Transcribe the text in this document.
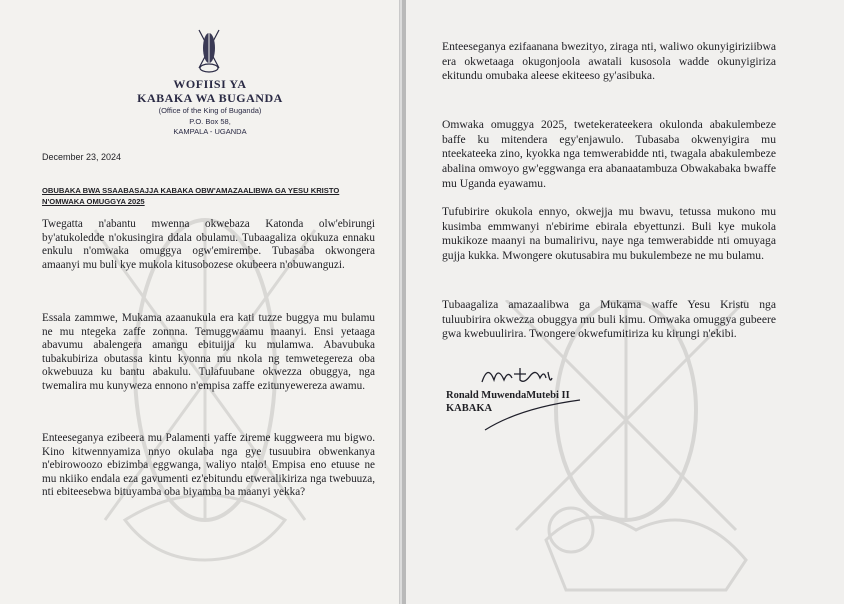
WOFIISI YA
KABAKA WA BUGANDA
(Office of the King of Buganda)
P.O. Box 58,
KAMPALA - UGANDA
December 23, 2024
OBUBAKA BWA SSAABASAJJA KABAKA OBW'AMAZAALIBWA GA YESU KRISTO
N'OMWAKA OMUGGYA 2025

Twegatta n'abantu mwenna okwebaza Katonda olw'ebirungi by'atukoledde n'okusingira ddala obulamu. Tubaagaliza okukuza ennaku enkulu n'omwaka omuggya ogw'emirembe. Tubasaba okwongera amaanyi mu buli kye mukola kitusobozese okubeera n'obuwanguzi.

Essala zammwe, Mukama azaanukula era kati tuzze buggya mu bulamu ne mu ntegeka zaffe zonnna. Temuggwaamu maanyi. Ensi yetaaga abavumu abalengera amangu ebituijja ku mulamwa. Abavubuka tubakubiriza obutassa kintu kyonna mu nkola ng temwetegereza oba okwebuuza ku bantu abakulu. Tulafuubane okwezza obuggya, nga twemalira mu kunyweza ennono n'empisa zaffe ezitunyewereza awamu.

Enteeseganya ezibeera mu Palamenti yaffe zireme kuggweera mu bigwo. Kino kitwennyamiza nnyo okulaba nga gye tusuubira obwenkanya n'ebirowoozo ebizimba eggwanga, waliyo ntalo! Empisa eno etuuse ne mu nkiiko endala eza gavumenti ez'ebitundu etweralikiriza nga twebuuza, nti ebiteesebwa bituyamba oba biyamba ba maanyi yekka?

Enteeseganya ezifaanana bwezityo, ziraga nti, waliwo okunyigiriziibwa era okwetaaga okugonjoola awatali kusosola wadde okunyigiriza ekitundu omubaka aleese ekiteeso gy'asibuka.

Omwaka omuggya 2025, twetekerateekera okulonda abakulembeze baffe ku mitendera egy'enjawulo. Tubasaba okwenyigira mu nteekateeka zino, kyokka nga temwerabidde nti, twagala abakulembeze abalina omwoyo gw'eggwanga era abanaatambuza Obwakabaka bwaffe mu Uganda eyawamu.

Tufubirire okukola ennyo, okwejja mu bwavu, tetussa mukono mu kusimba emmwanyi n'ebirime ebirala ebyettunzi. Buli kye mukola mukikoze maanyi na bumalirivu, naye nga temwerabidde nti omuyaga gujja kukka. Mwongere okutusabira mu bukulembeze ne mu bulamu.

Tubaagaliza amazaalibwa ga Mukama waffe Yesu Kristu nga tuluubirira okwezza obuggya mu buli kimu. Omwaka omuggya gubeere gwa kwebuulirira. Twongere okwefumitiriza ku kirungi n'ekibi.

Ronald MuwendaMutebi II
KABAKA
